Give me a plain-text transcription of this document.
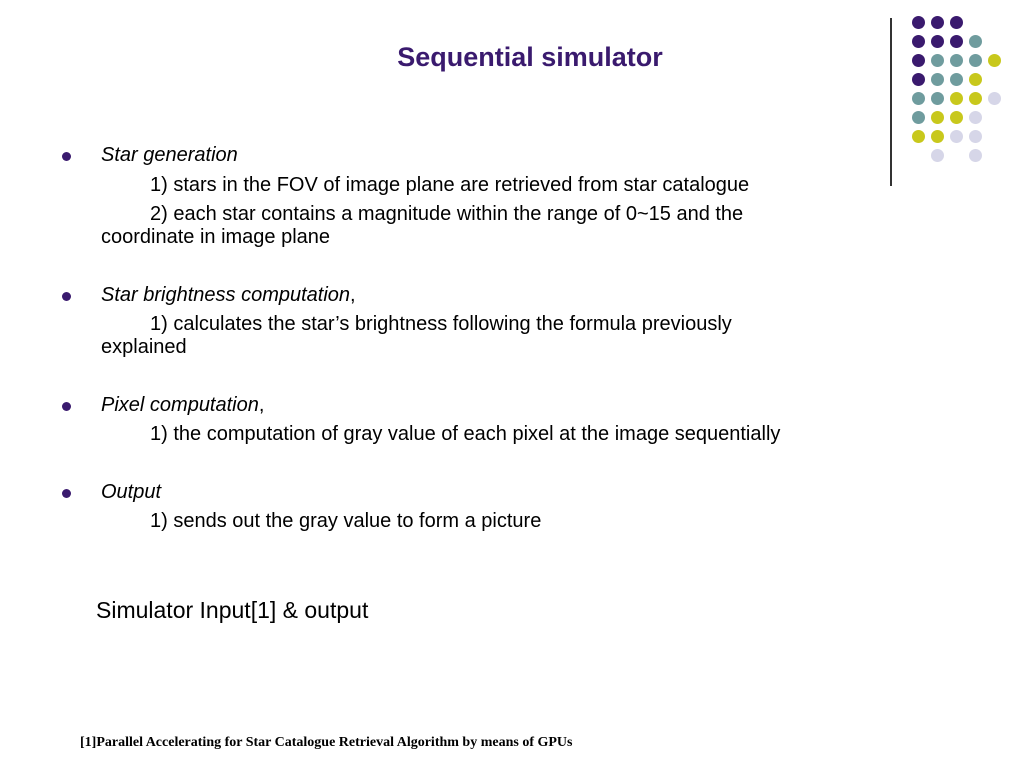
Sequential simulator
Star generation
1) stars in the FOV of image plane are retrieved from star catalogue
2) each star contains a magnitude within the range of 0~15 and the
coordinate in image plane
Star brightness computation,
1) calculates the star’s brightness following the formula previously
explained
Pixel computation,
1) the computation of gray value of each pixel at the image sequentially
Output
1) sends out the gray value to form a picture
Simulator Input[1] & output
[1]Parallel Accelerating for Star Catalogue Retrieval Algorithm by means of GPUs
